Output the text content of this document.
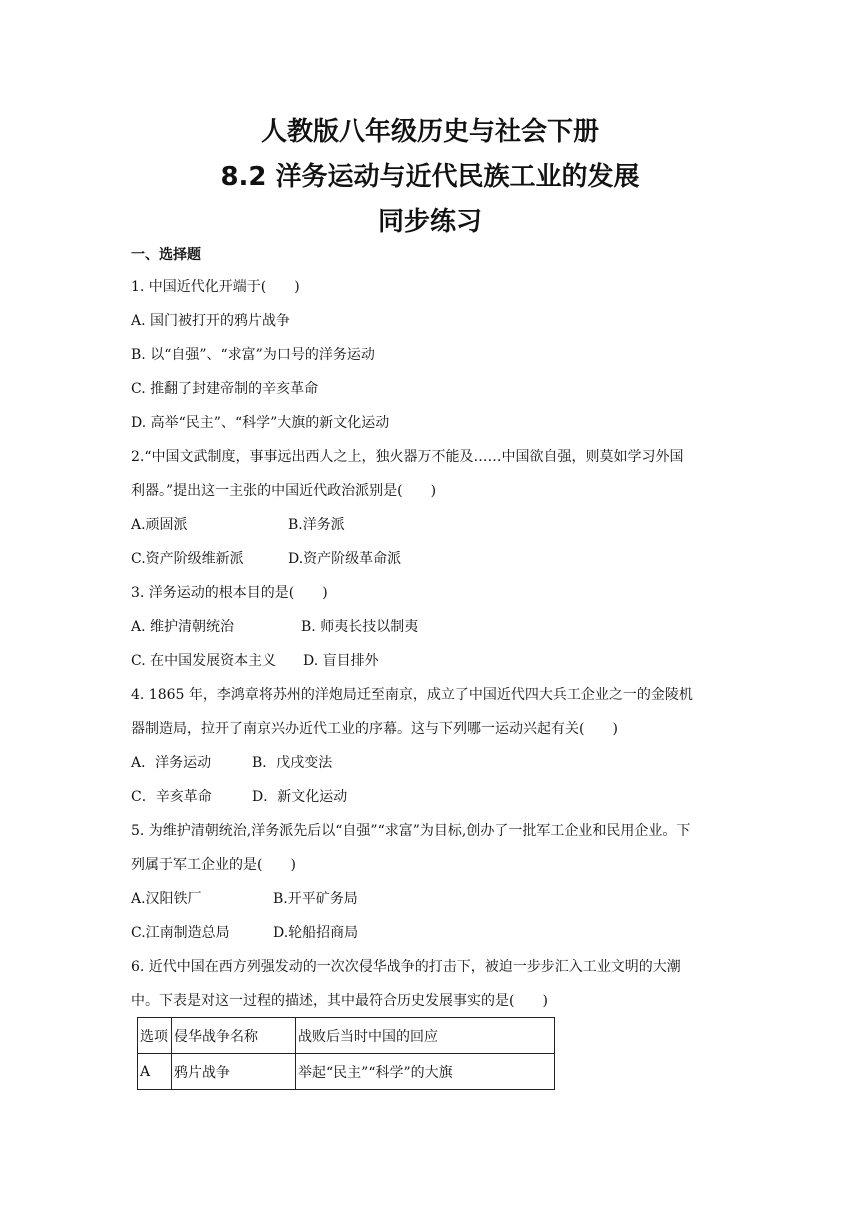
人教版八年级历史与社会下册
8.2 洋务运动与近代民族工业的发展
同步练习
一、选择题
1. 中国近代化开端于(　　)
A. 国门被打开的鸦片战争
B. 以“自强”、“求富”为口号的洋务运动
C. 推翻了封建帝制的辛亥革命
D. 高举“民主”、“科学”大旗的新文化运动
2.“中国文武制度，事事远出西人之上，独火器万不能及……中国欲自强，则莫如学习外国
利器。”提出这一主张的中国近代政治派别是(　　)
A.顽固派	B.洋务派
C.资产阶级维新派	D.资产阶级革命派
3. 洋务运动的根本目的是(　　)
A. 维护清朝统治	B. 师夷长技以制夷
C. 在中国发展资本主义	D. 盲目排外
4. 1865 年，李鸿章将苏州的洋炮局迁至南京，成立了中国近代四大兵工企业之一的金陵机
器制造局，拉开了南京兴办近代工业的序幕。这与下列哪一运动兴起有关(　　)
A．洋务运动	B．戊戌变法
C．辛亥革命	D．新文化运动
5. 为维护清朝统治,洋务派先后以“自强”“求富”为目标,创办了一批军工企业和民用企业。下
列属于军工企业的是(　　)
A.汉阳铁厂	B.开平矿务局
C.江南制造总局	D.轮船招商局
6. 近代中国在西方列强发动的一次次侵华战争的打击下，被迫一步步汇入工业文明的大潮
中。下表是对这一过程的描述，其中最符合历史发展事实的是(　　)
选项	侵华战争名称	战败后当时中国的回应
A	鸦片战争	举起“民主”“科学”的大旗
